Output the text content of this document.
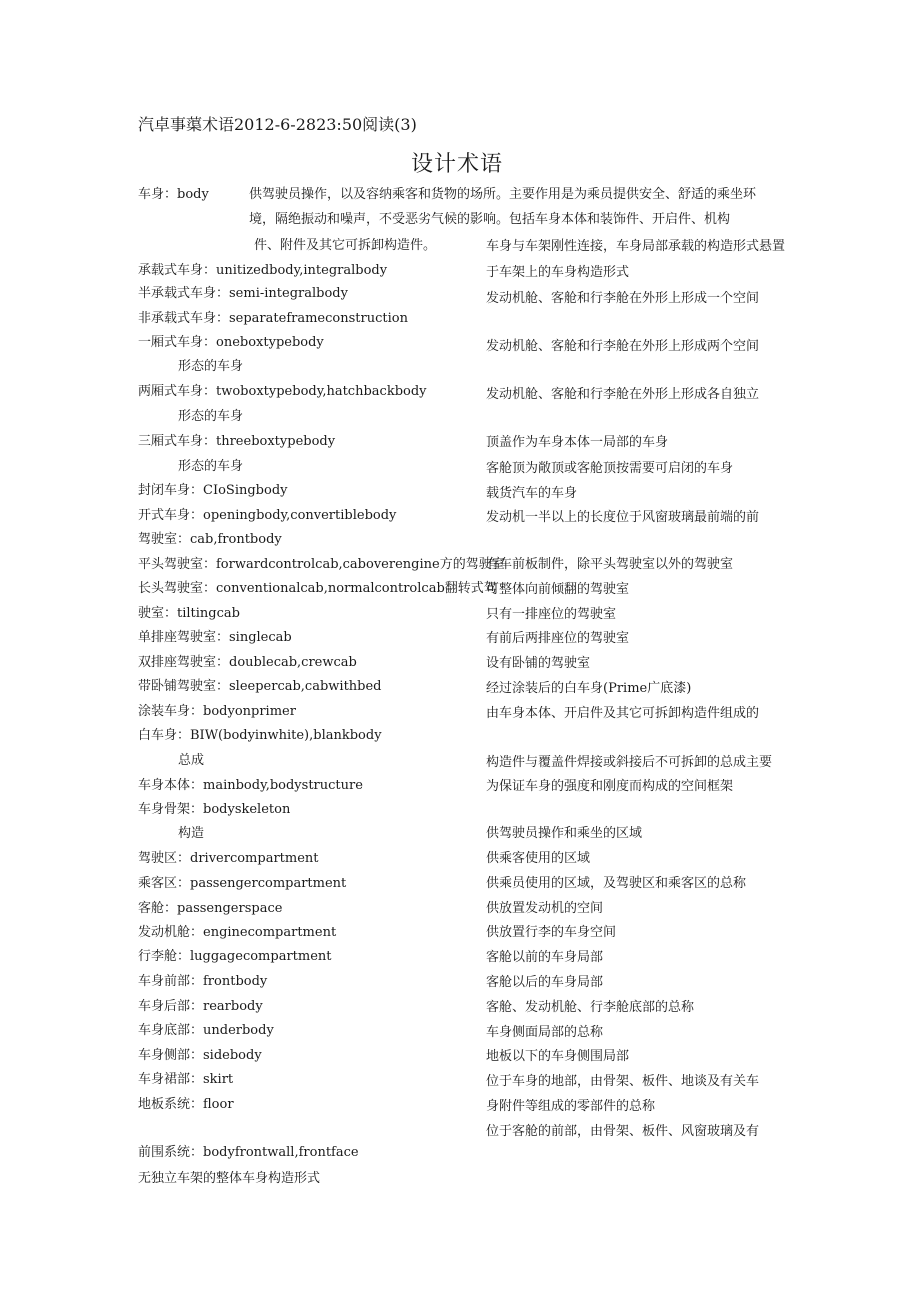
汽卓事蕖术语2012-6-2823:50阅读(3)
设计术语
车身：body	供驾驶员操作，以及容纳乘客和货物的场所。主要作用是为乘员提供安全、舒适的乘坐环
境，隔绝振动和噪声，不受恶劣气候的影响。包括车身本体和装饰件、开启件、机构
件、附件及其它可拆卸构造件。
承载式车身：unitizedbody,integralbody
半承载式车身：semi-integralbody
非承载式车身：separateframeconstruction
一厢式车身：oneboxtypebody
形态的车身
两厢式车身：twoboxtypebody,hatchbackbody
形态的车身
三厢式车身：threeboxtypebody
形态的车身
封闭车身：CIoSingbody
开式车身：openingbody,convertiblebody
驾驶室：cab,frontbody
平头驾驶室：forwardcontrolcab,caboverengine方的驾驶室
长头驾驶室：conventionalcab,normalcontrolcab翻转式驾
驶室：tiltingcab
单排座驾驶室：singlecab
双排座驾驶室：doublecab,crewcab
带卧铺驾驶室：sleepercab,cabwithbed
涂装车身：bodyonprimer
白车身：BIW(bodyinwhite),blankbody
总成
车身本体：mainbody,bodystructure
车身骨架：bodyskeleton
构造
驾驶区：drivercompartment
乘客区：passengercompartment
客舱：passengerspace
发动机舱：enginecompartment
行李舱：luggagecompartment
车身前部：frontbody
车身后部：rearbody
车身底部：underbody
车身侧部：sidebody
车身裙部：skirt
地板系统：floor
前围系统：bodyfrontwall,frontface
无独立车架的整体车身构造形式
车身与车架刚性连接，车身局部承载的构造形式悬置
于车架上的车身构造形式
发动机舱、客舱和行李舱在外形上形成一个空间
发动机舱、客舱和行李舱在外形上形成两个空间
发动机舱、客舱和行李舱在外形上形成各自独立
顶盖作为车身本体一局部的车身
客舱顶为敞顶或客舱顶按需要可启闭的车身
载货汽车的车身
发动机一半以上的长度位于风窗玻璃最前端的前
有车前板制件，除平头驾驶室以外的驾驶室
可整体向前倾翻的驾驶室
只有一排座位的驾驶室
有前后两排座位的驾驶室
设有卧铺的驾驶室
经过涂装后的白车身(Prime广底漆)
由车身本体、开启件及其它可拆卸构造件组成的
构造件与覆盖件焊接或斜接后不可拆卸的总成主要
为保证车身的强度和刚度而构成的空间框架
供驾驶员操作和乘坐的区域
供乘客使用的区域
供乘员使用的区域，及驾驶区和乘客区的总称
供放置发动机的空间
供放置行李的车身空间
客舱以前的车身局部
客舱以后的车身局部
客舱、发动机舱、行李舱底部的总称
车身侧面局部的总称
地板以下的车身侧围局部
位于车身的地部，由骨架、板件、地谈及有关车
身附件等组成的零部件的总称
位于客舱的前部，由骨架、板件、风窗玻璃及有
